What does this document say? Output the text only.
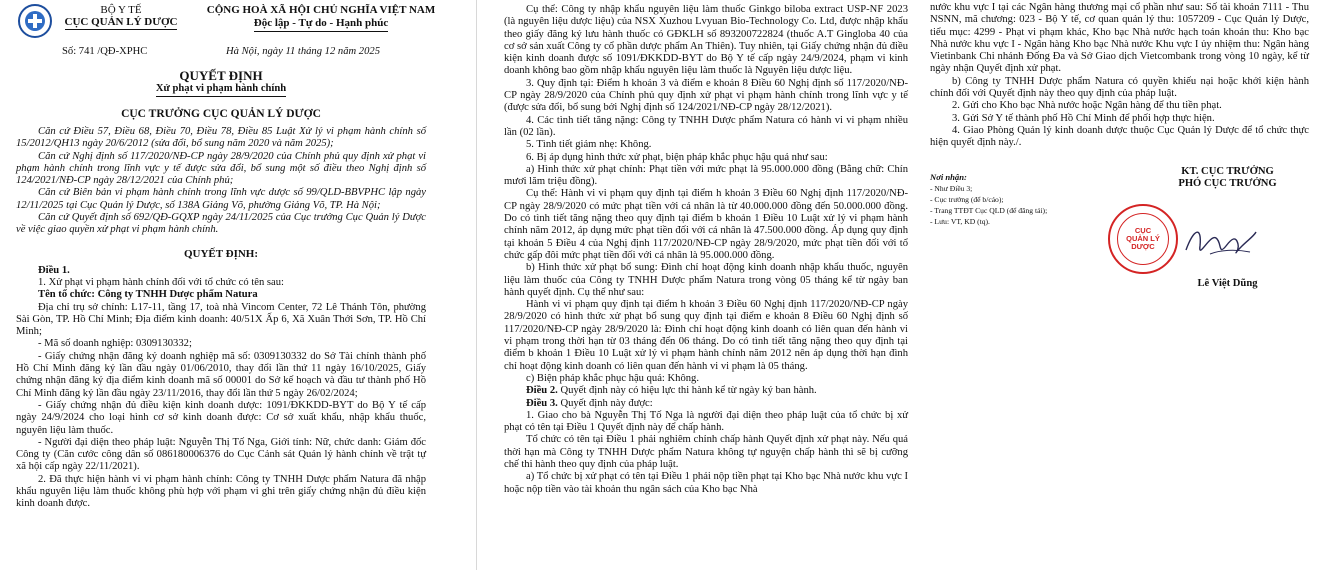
BỘ Y TẾ
CỤC QUẢN LÝ DƯỢC
CỘNG HOÀ XÃ HỘI CHỦ NGHĨA VIỆT NAM
Độc lập - Tự do - Hạnh phúc
Số: 741 /QĐ-XPHC	Hà Nội, ngày 11 tháng 12 năm 2025
QUYẾT ĐỊNH
Xử phạt vi phạm hành chính
CỤC TRƯỞNG CỤC QUẢN LÝ DƯỢC

Căn cứ Điều 57, Điều 68, Điều 70, Điều 78, Điều 85 Luật Xử lý vi phạm hành chính số 15/2012/QH13 ngày 20/6/2012 (sửa đổi, bổ sung năm 2020 và năm 2025);

Căn cứ Nghị định số 117/2020/NĐ-CP ngày 28/9/2020 của Chính phủ quy định xử phạt vi phạm hành chính trong lĩnh vực y tế được sửa đổi, bổ sung một số điều theo Nghị định số 124/2021/NĐ-CP ngày 28/12/2021 của Chính phủ;

Căn cứ Biên bản vi phạm hành chính trong lĩnh vực dược số 99/QLD-BBVPHC lập ngày 12/11/2025 tại Cục Quản lý Dược, số 138A Giảng Võ, phường Giảng Võ, TP. Hà Nội;

Căn cứ Quyết định số 692/QĐ-GQXP ngày 24/11/2025 của Cục trưởng Cục Quản lý Dược về việc giao quyền xử phạt vi phạm hành chính.

QUYẾT ĐỊNH:

Điều 1.

1. Xử phạt vi phạm hành chính đối với tổ chức có tên sau:

Tên tổ chức: Công ty TNHH Dược phẩm Natura

Địa chỉ trụ sở chính: L17-11, tầng 17, toà nhà Vincom Center, 72 Lê Thánh Tôn, phường Sài Gòn, TP. Hồ Chí Minh; Địa điểm kinh doanh: 40/51X Ấp 6, Xã Xuân Thới Sơn, TP. Hồ Chí Minh;

- Mã số doanh nghiệp: 0309130332;

- Giấy chứng nhận đăng ký doanh nghiệp mã số: 0309130332 do Sở Tài chính thành phố Hồ Chí Minh đăng ký lần đầu ngày 01/06/2010, thay đổi lần thứ 11 ngày 16/10/2025, Giấy chứng nhận đăng ký địa điểm kinh doanh mã số 00001 do Sở kế hoạch và đầu tư thành phố Hồ Chí Minh đăng ký lần đầu ngày 23/11/2016, thay đổi lần thứ 5 ngày 26/02/2024;

- Giấy chứng nhận đủ điều kiện kinh doanh dược: 1091/ĐKKDD-BYT do Bộ Y tế cấp ngày 24/9/2024 cho loại hình cơ sở kinh doanh được: Cơ sở xuất khẩu, nhập khẩu thuốc, nguyên liệu làm thuốc.

- Người đại diện theo pháp luật: Nguyễn Thị Tố Nga, Giới tính: Nữ, chức danh: Giám đốc Công ty (Căn cước công dân số 086180006376 do Cục Cảnh sát Quản lý hành chính về trật tự xã hội cấp ngày 22/11/2021).

2. Đã thực hiện hành vi vi phạm hành chính: Công ty TNHH Dược phẩm Natura đã nhập khẩu nguyên liệu làm thuốc không phù hợp với phạm vi ghi trên giấy chứng nhận đủ điều kiện kinh doanh được.

Cụ thể: Công ty nhập khẩu nguyên liệu làm thuốc Ginkgo biloba extract USP-NF 2023 (là nguyên liệu dược liệu) của NSX Xuzhou Lvyuan Bio-Technology Co. Ltd, được nhập khẩu theo giấy đăng ký lưu hành thuốc có GĐKLH số 893200722824 (thuốc A.T Gingloba 40 của cơ sở sản xuất Công ty cổ phần dược phẩm An Thiên). Tuy nhiên, tại Giấy chứng nhận đủ điều kiện kinh doanh được số 1091/ĐKKDD-BYT do Bộ Y tế cấp ngày 24/9/2024, phạm vi kinh doanh không bao gồm nhập khẩu nguyên liệu làm thuốc là Nguyên liệu dược liệu.

3. Quy định tại: Điểm h khoản 3 và điểm e khoản 8 Điều 60 Nghị định số 117/2020/NĐ-CP ngày 28/9/2020 của Chính phủ quy định xử phạt vi phạm hành chính trong lĩnh vực y tế (được sửa đổi, bổ sung bởi Nghị định số 124/2021/NĐ-CP ngày 28/12/2021).

4. Các tình tiết tăng nặng: Công ty TNHH Dược phẩm Natura có hành vi vi phạm nhiều lần (02 lần).

5. Tình tiết giảm nhẹ: Không.

6. Bị áp dụng hình thức xử phạt, biện pháp khắc phục hậu quả như sau:

a) Hình thức xử phạt chính: Phạt tiền với mức phạt là 95.000.000 đồng (Bằng chữ: Chín mươi lăm triệu đồng).

Cụ thể: Hành vi vi phạm quy định tại điểm h khoản 3 Điều 60 Nghị định 117/2020/NĐ-CP ngày 28/9/2020 có mức phạt tiền với cá nhân là từ 40.000.000 đồng đến 50.000.000 đồng. Do có tình tiết tăng nặng theo quy định tại điểm b khoản 1 Điều 10 Luật xử lý vi phạm hành chính năm 2012, áp dụng mức phạt tiền đối với cá nhân là 47.500.000 đồng. Áp dụng quy định tại khoản 5 Điều 4 của Nghị định 117/2020/NĐ-CP ngày 28/9/2020, mức phạt tiền đối với tổ chức gấp đôi mức phạt tiền đối với cá nhân là 95.000.000 đồng.

b) Hình thức xử phạt bổ sung: Đình chỉ hoạt động kinh doanh nhập khẩu thuốc, nguyên liệu làm thuốc của Công ty TNHH Dược phẩm Natura trong vòng 05 tháng kể từ ngày ban hành quyết định. Cụ thể như sau:

Hành vi vi phạm quy định tại điểm h khoản 3 Điều 60 Nghị định 117/2020/NĐ-CP ngày 28/9/2020 có hình thức xử phạt bổ sung quy định tại điểm e khoản 8 Điều 60 Nghị định số 117/2020/NĐ-CP ngày 28/9/2020 là: Đình chỉ hoạt động kinh doanh có liên quan đến hành vi vi phạm trong thời hạn từ 03 tháng đến 06 tháng. Do có tình tiết tăng nặng theo quy định tại điểm b khoản 1 Điều 10 Luật xử lý vi phạm hành chính năm 2012 nên áp dụng thời hạn đình chỉ hoạt động kinh doanh có liên quan đến hành vi vi phạm là 05 tháng.

c) Biện pháp khắc phục hậu quả: Không.

Điều 2. Quyết định này có hiệu lực thi hành kể từ ngày ký ban hành.

Điều 3. Quyết định này được:

1. Giao cho bà Nguyễn Thị Tố Nga là người đại diện theo pháp luật của tổ chức bị xử phạt có tên tại Điều 1 Quyết định này để chấp hành.

Tổ chức có tên tại Điều 1 phải nghiêm chỉnh chấp hành Quyết định xử phạt này. Nếu quá thời hạn mà Công ty TNHH Dược phẩm Natura không tự nguyện chấp hành thì sẽ bị cưỡng chế thi hành theo quy định của pháp luật.

a) Tổ chức bị xử phạt có tên tại Điều 1 phải nộp tiền phạt tại Kho bạc Nhà nước khu vực I hoặc nộp tiền vào tài khoản thu ngân sách của Kho bạc Nhà

nước khu vực I tại các Ngân hàng thương mại cổ phần như sau: Số tài khoản 7111 - Thu NSNN, mã chương: 023 - Bộ Y tế, cơ quan quản lý thu: 1057209 - Cục Quản lý Dược, tiểu mục: 4299 - Phạt vi phạm khác, Kho bạc Nhà nước hạch toán khoản thu: Kho bạc Nhà nước khu vực I - Ngân hàng Kho bạc Nhà nước Khu vực I ủy nhiệm thu: Ngân hàng Vietinbank Chi nhánh Đống Đa và Sở Giao dịch Vietcombank trong vòng 10 ngày, kể từ ngày nhận Quyết định xử phạt.

b) Công ty TNHH Dược phẩm Natura có quyền khiếu nại hoặc khởi kiện hành chính đối với Quyết định này theo quy định của pháp luật.

2. Gửi cho Kho bạc Nhà nước hoặc Ngân hàng để thu tiền phạt.

3. Gửi Sở Y tế thành phố Hồ Chí Minh để phối hợp thực hiện.

4. Giao Phòng Quản lý kinh doanh dược thuộc Cục Quản lý Dược để tổ chức thực hiện quyết định này./.

Nơi nhận:
- Như Điều 3;
- Cục trưởng (để b/cáo);
- Trang TTĐT Cục QLD (để đăng tải);
- Lưu: VT, KD (tq).
KT. CỤC TRƯỞNG
PHÓ CỤC TRƯỞNG
CỤC
QUẢN LÝ
DƯỢC
Lê Việt Dũng
